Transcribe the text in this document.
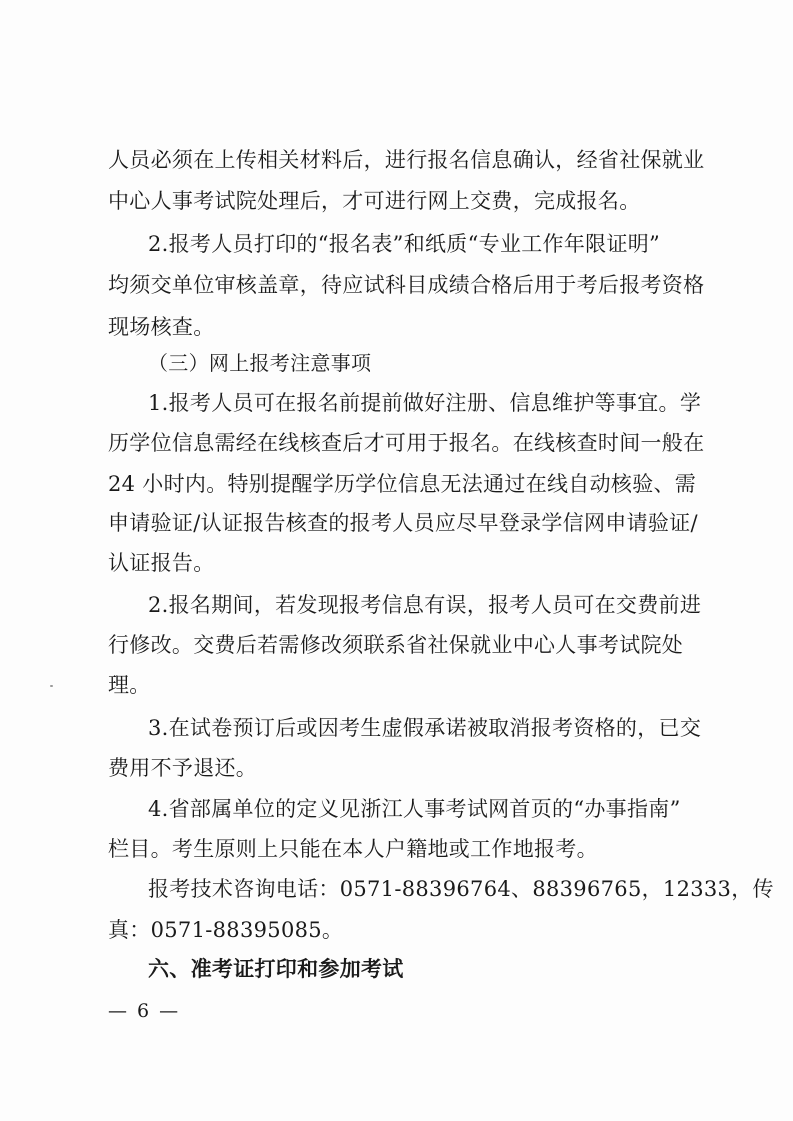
人员必须在上传相关材料后，进行报名信息确认，经省社保就业
中心人事考试院处理后，才可进行网上交费，完成报名。
2.报考人员打印的“报名表”和纸质“专业工作年限证明”
均须交单位审核盖章，待应试科目成绩合格后用于考后报考资格
现场核查。
（三）网上报考注意事项
1.报考人员可在报名前提前做好注册、信息维护等事宜。学
历学位信息需经在线核查后才可用于报名。在线核查时间一般在
24 小时内。特别提醒学历学位信息无法通过在线自动核验、需
申请验证/认证报告核查的报考人员应尽早登录学信网申请验证/
认证报告。
2.报名期间，若发现报考信息有误，报考人员可在交费前进
行修改。交费后若需修改须联系省社保就业中心人事考试院处
理。
3.在试卷预订后或因考生虚假承诺被取消报考资格的，已交
费用不予退还。
4.省部属单位的定义见浙江人事考试网首页的“办事指南”
栏目。考生原则上只能在本人户籍地或工作地报考。
报考技术咨询电话：0571-88396764、88396765，12333，传
真：0571-88395085。
六、准考证打印和参加考试
— 6 —
